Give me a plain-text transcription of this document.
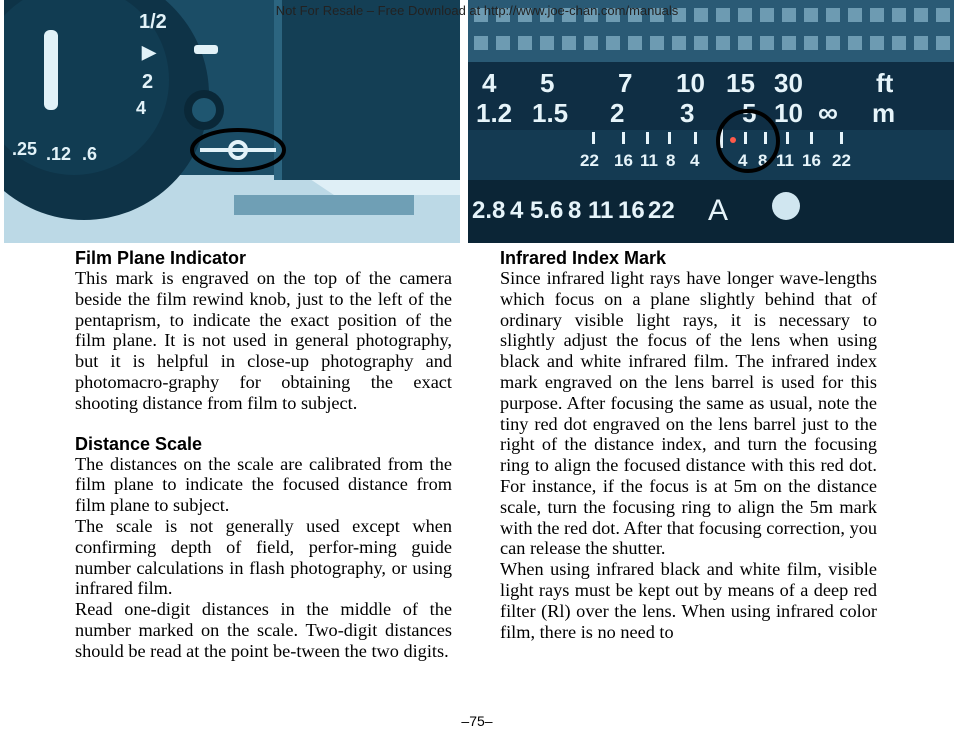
1/2
▶
2
4
.25 .12 .6
4 5 7 10 15 30	ft
1.2 1.5 2 3 5 10 ∞ m
22 16 11 8 4 4 8 11 16 22
2.8 4 5.6 8 11 16 22 A
Not For Resale – Free Download at http://www.joe-chan.com/manuals
Film Plane Indicator

This mark is engraved on the top of the camera beside the film rewind knob, just to the left of the pentaprism, to indicate the exact position of the film plane. It is not used in general photography, but it is helpful in close-up photography and photomacro-graphy for obtaining the exact shooting distance from film to subject.

Distance Scale

The distances on the scale are calibrated from the film plane to indicate the focused distance from film plane to subject.

The scale is not generally used except when confirming depth of field, perfor-ming guide number calculations in flash photography, or using infrared film.

Read one-digit distances in the middle of the number marked on the scale. Two-digit distances should be read at the point be-tween the two digits.

Infrared Index Mark

Since infrared light rays have longer wave-lengths which focus on a plane slightly behind that of ordinary visible light rays, it is necessary to slightly adjust the focus of the lens when using black and white infrared film. The infrared index mark engraved on the lens barrel is used for this purpose. After focusing the same as usual, note the tiny red dot engraved on the lens barrel just to the right of the distance index, and turn the focusing ring to align the focused distance with this red dot. For instance, if the focus is at 5m on the distance scale, turn the focusing ring to align the 5m mark with the red dot. After that focusing correction, you can release the shutter.

When using infrared black and white film, visible light rays must be kept out by means of a deep red filter (Rl) over the lens. When using infrared color film, there is no need to

–75–
